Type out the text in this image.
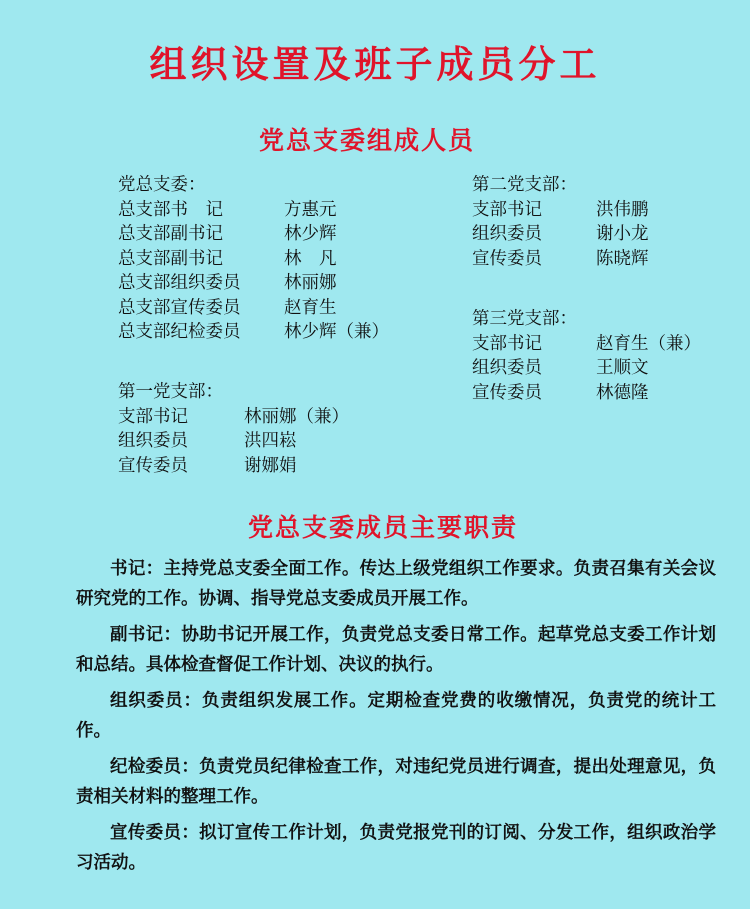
组织设置及班子成员分工
党总支委组成人员
党总支委：
总支部书　记	方惠元
总支部副书记	林少辉
总支部副书记	林　凡
总支部组织委员	林丽娜
总支部宣传委员	赵育生
总支部纪检委员	林少辉（兼）
第一党支部：
支部书记	林丽娜（兼）
组织委员	洪四崧
宣传委员	谢娜娟
第二党支部：
支部书记	洪伟鹏
组织委员	谢小龙
宣传委员	陈晓辉
第三党支部：
支部书记	赵育生（兼）
组织委员	王顺文
宣传委员	林德隆
党总支委成员主要职责

书记：主持党总支委全面工作。传达上级党组织工作要求。负责召集有关会议研究党的工作。协调、指导党总支委成员开展工作。

副书记：协助书记开展工作，负责党总支委日常工作。起草党总支委工作计划和总结。具体检查督促工作计划、决议的执行。

组织委员：负责组织发展工作。定期检查党费的收缴情况，负责党的统计工作。

纪检委员：负责党员纪律检查工作，对违纪党员进行调查，提出处理意见，负责相关材料的整理工作。

宣传委员：拟订宣传工作计划，负责党报党刊的订阅、分发工作，组织政治学习活动。
